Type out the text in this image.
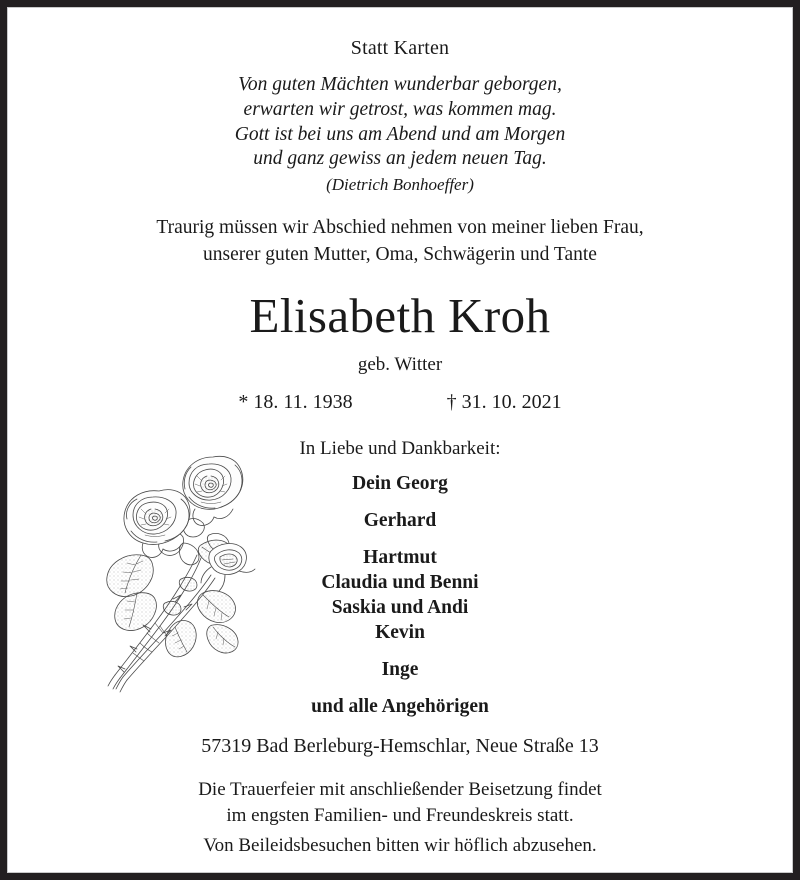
Statt Karten
Von guten Mächten wunderbar geborgen,
erwarten wir getrost, was kommen mag.
Gott ist bei uns am Abend und am Morgen
und ganz gewiss an jedem neuen Tag.
(Dietrich Bonhoeffer)
Traurig müssen wir Abschied nehmen von meiner lieben Frau,
unserer guten Mutter, Oma, Schwägerin und Tante
Elisabeth Kroh
geb. Witter
* 18. 11. 1938	† 31. 10. 2021
In Liebe und Dankbarkeit:
Dein Georg
Gerhard
Hartmut
Claudia und Benni
Saskia und Andi
Kevin
Inge
und alle Angehörigen
57319 Bad Berleburg-Hemschlar, Neue Straße 13
Die Trauerfeier mit anschließender Beisetzung findet
im engsten Familien- und Freundeskreis statt.
Von Beileidsbesuchen bitten wir höflich abzusehen.
